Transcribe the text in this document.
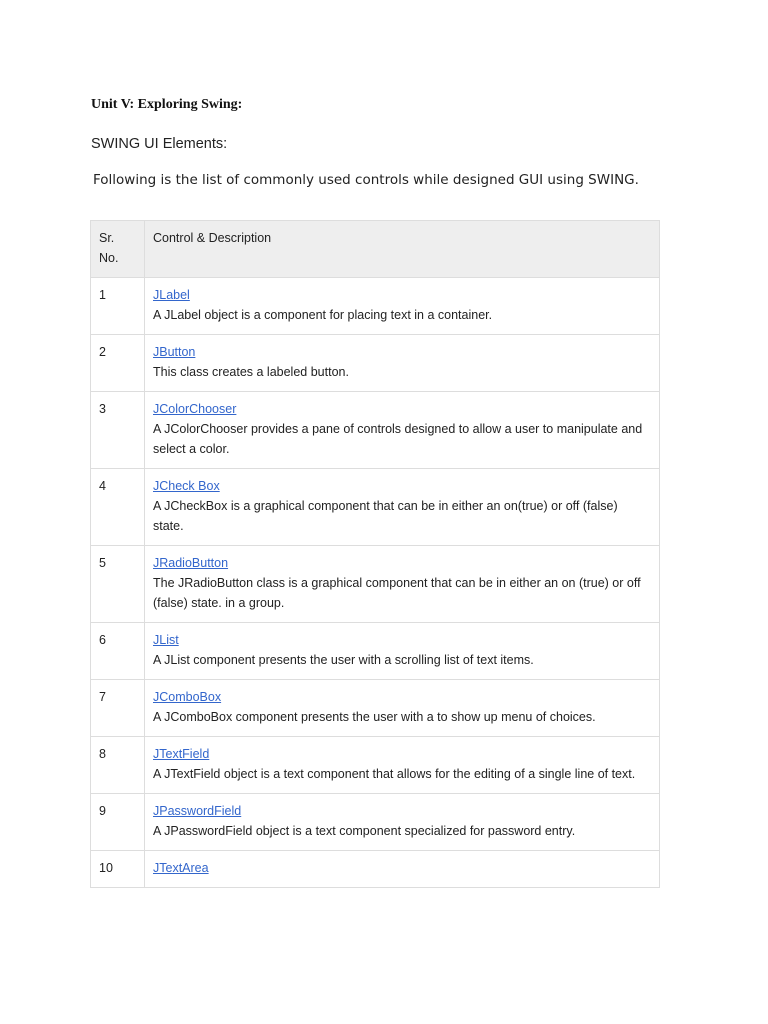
Unit V: Exploring Swing:
SWING UI Elements:
Following is the list of commonly used controls while designed GUI using SWING.
Sr.
No.	Control & Description
1	JLabel
A JLabel object is a component for placing text in a container.

2	JButton
This class creates a labeled button.

3	JColorChooser
A JColorChooser provides a pane of controls designed to allow a user to manipulate and select a color.

4	JCheck Box
A JCheckBox is a graphical component that can be in either an on(true) or off (false) state.

5	JRadioButton
The JRadioButton class is a graphical component that can be in either an on (true) or off (false) state. in a group.

6	JList
A JList component presents the user with a scrolling list of text items.

7	JComboBox
A JComboBox component presents the user with a to show up menu of choices.

8	JTextField
A JTextField object is a text component that allows for the editing of a single line of text.

9	JPasswordField
A JPasswordField object is a text component specialized for password entry.

10	JTextArea
